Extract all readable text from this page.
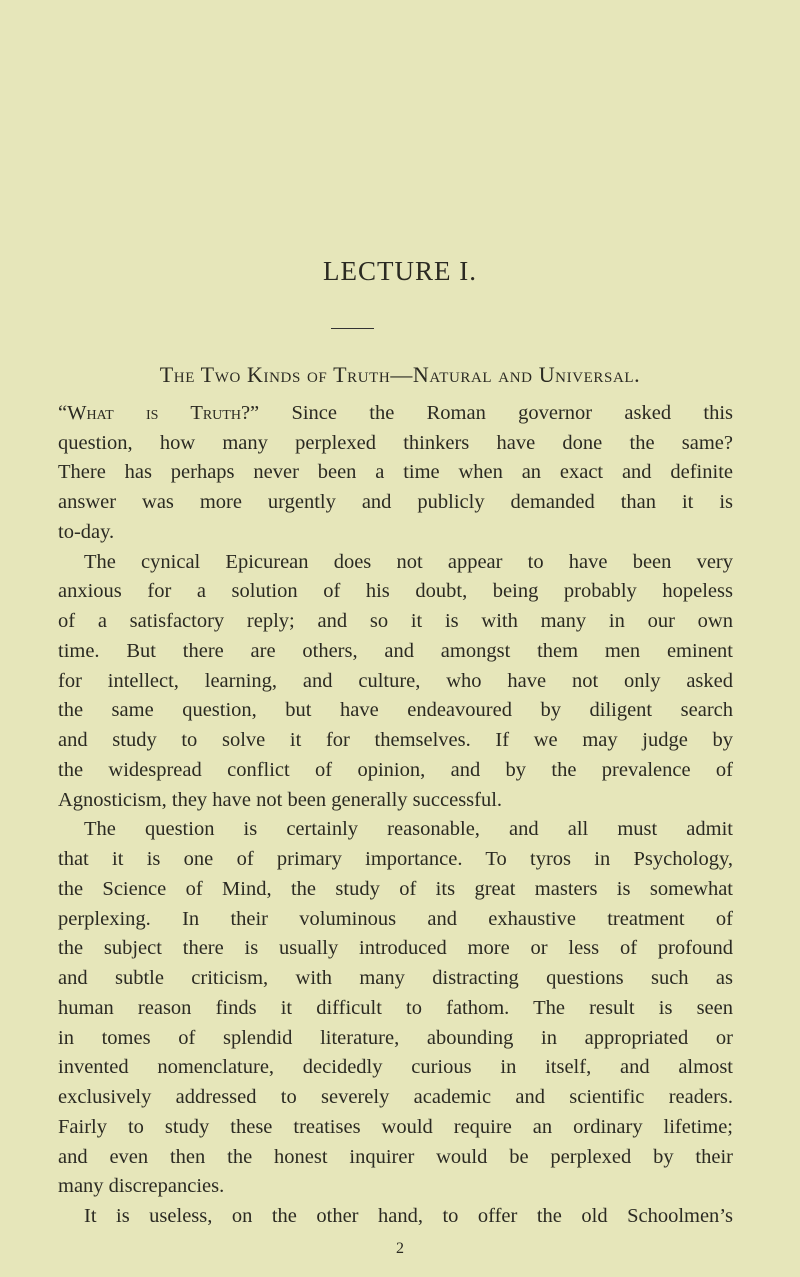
LECTURE I.
The Two Kinds of Truth—Natural and Universal.
“What is Truth?” Since the Roman governor asked this
question, how many perplexed thinkers have done the same?
There has perhaps never been a time when an exact and definite
answer was more urgently and publicly demanded than it is
to-day.
The cynical Epicurean does not appear to have been very
anxious for a solution of his doubt, being probably hopeless
of a satisfactory reply; and so it is with many in our own
time. But there are others, and amongst them men eminent
for intellect, learning, and culture, who have not only asked
the same question, but have endeavoured by diligent search
and study to solve it for themselves. If we may judge by
the widespread conflict of opinion, and by the prevalence of
Agnosticism, they have not been generally successful.
The question is certainly reasonable, and all must admit
that it is one of primary importance. To tyros in Psychology,
the Science of Mind, the study of its great masters is somewhat
perplexing. In their voluminous and exhaustive treatment of
the subject there is usually introduced more or less of profound
and subtle criticism, with many distracting questions such as
human reason finds it difficult to fathom. The result is seen
in tomes of splendid literature, abounding in appropriated or
invented nomenclature, decidedly curious in itself, and almost
exclusively addressed to severely academic and scientific readers.
Fairly to study these treatises would require an ordinary lifetime;
and even then the honest inquirer would be perplexed by their
many discrepancies.
It is useless, on the other hand, to offer the old Schoolmen’s
2
